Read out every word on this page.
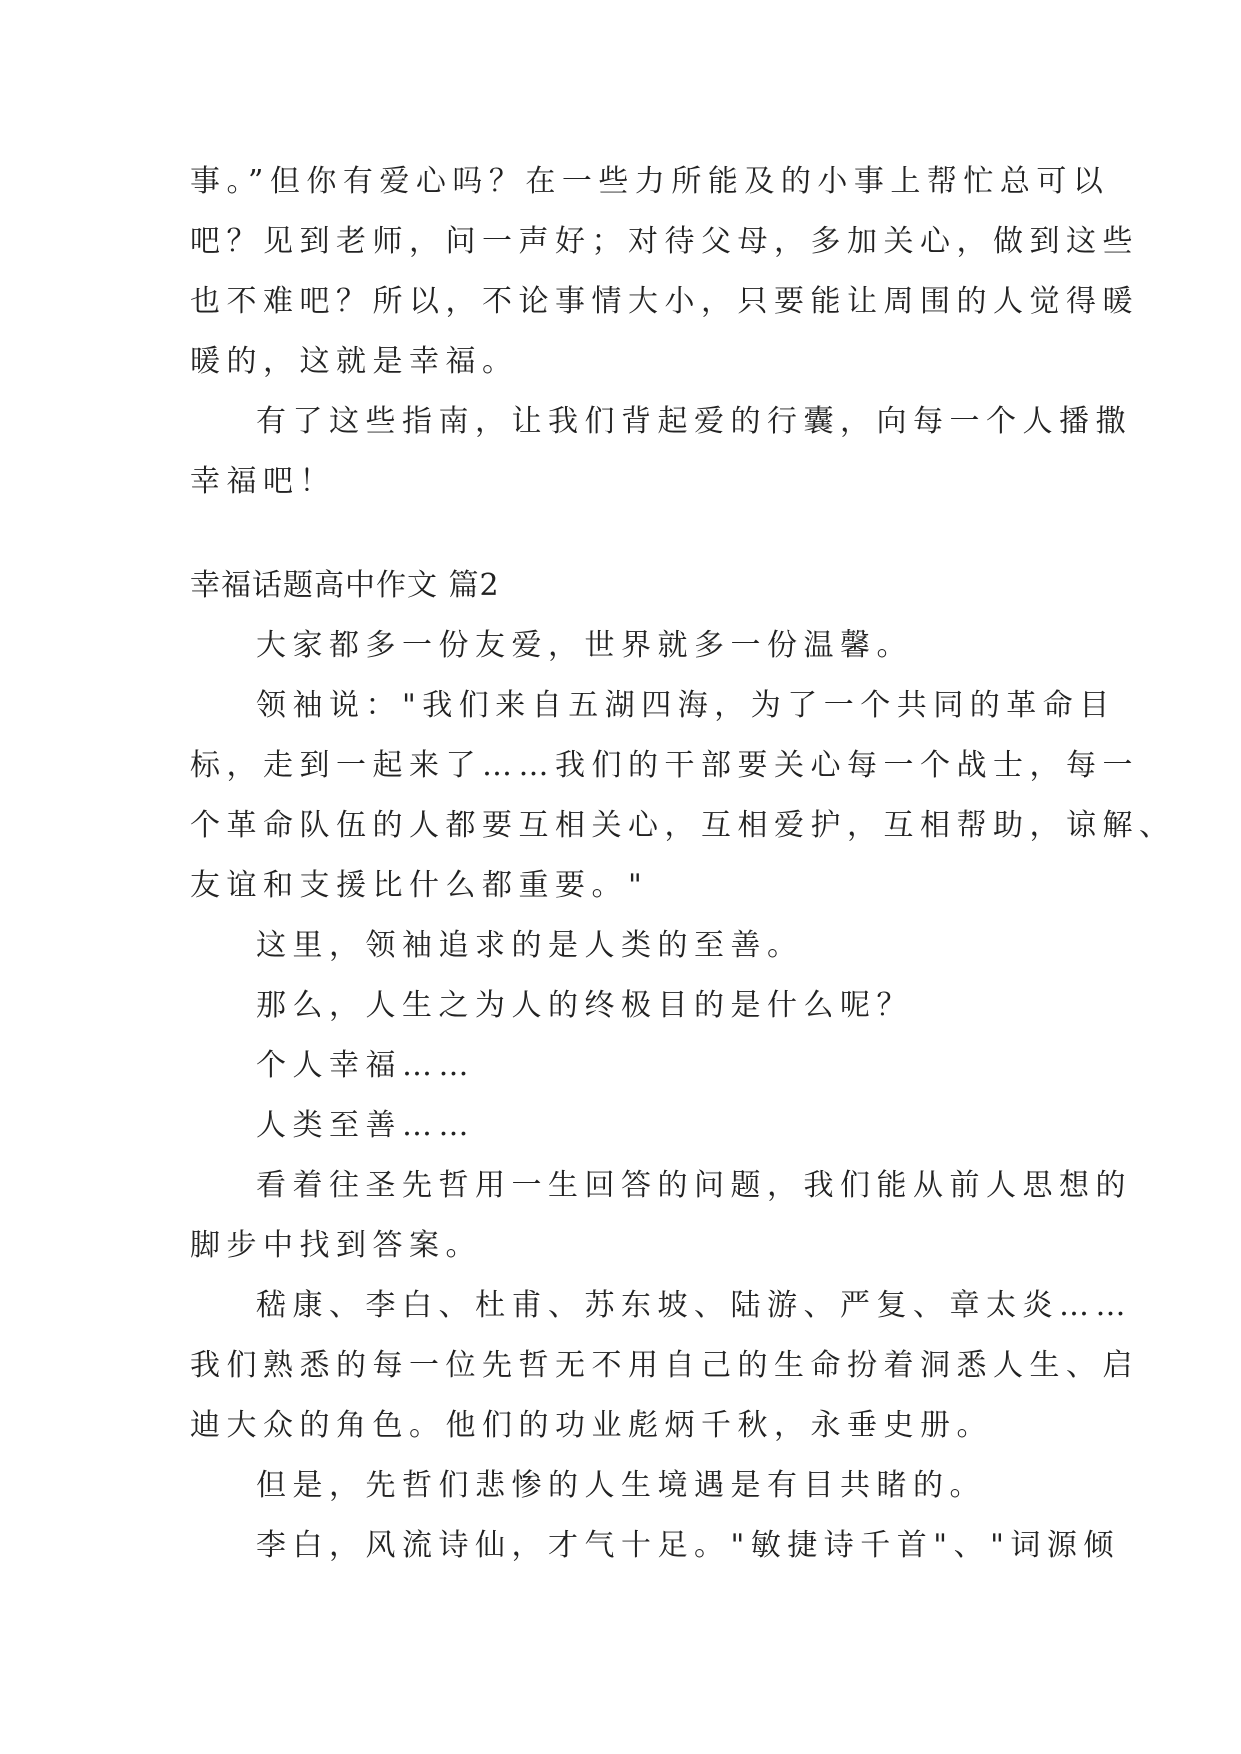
事。”但你有爱心吗？在一些力所能及的小事上帮忙总可以
吧？见到老师，问一声好；对待父母，多加关心，做到这些
也不难吧？所以，不论事情大小，只要能让周围的人觉得暖
暖的，这就是幸福。
有了这些指南，让我们背起爱的行囊，向每一个人播撒
幸福吧！
幸福话题高中作文 篇2
大家都多一份友爱，世界就多一份温馨。
领袖说："我们来自五湖四海，为了一个共同的革命目
标，走到一起来了……我们的干部要关心每一个战士，每一
个革命队伍的人都要互相关心，互相爱护，互相帮助，谅解、
友谊和支援比什么都重要。"
这里，领袖追求的是人类的至善。
那么，人生之为人的终极目的是什么呢？
个人幸福……
人类至善……
看着往圣先哲用一生回答的问题，我们能从前人思想的
脚步中找到答案。
嵇康、李白、杜甫、苏东坡、陆游、严复、章太炎……
我们熟悉的每一位先哲无不用自己的生命扮着洞悉人生、启
迪大众的角色。他们的功业彪炳千秋，永垂史册。
但是，先哲们悲惨的人生境遇是有目共睹的。
李白，风流诗仙，才气十足。"敏捷诗千首"、"词源倾
